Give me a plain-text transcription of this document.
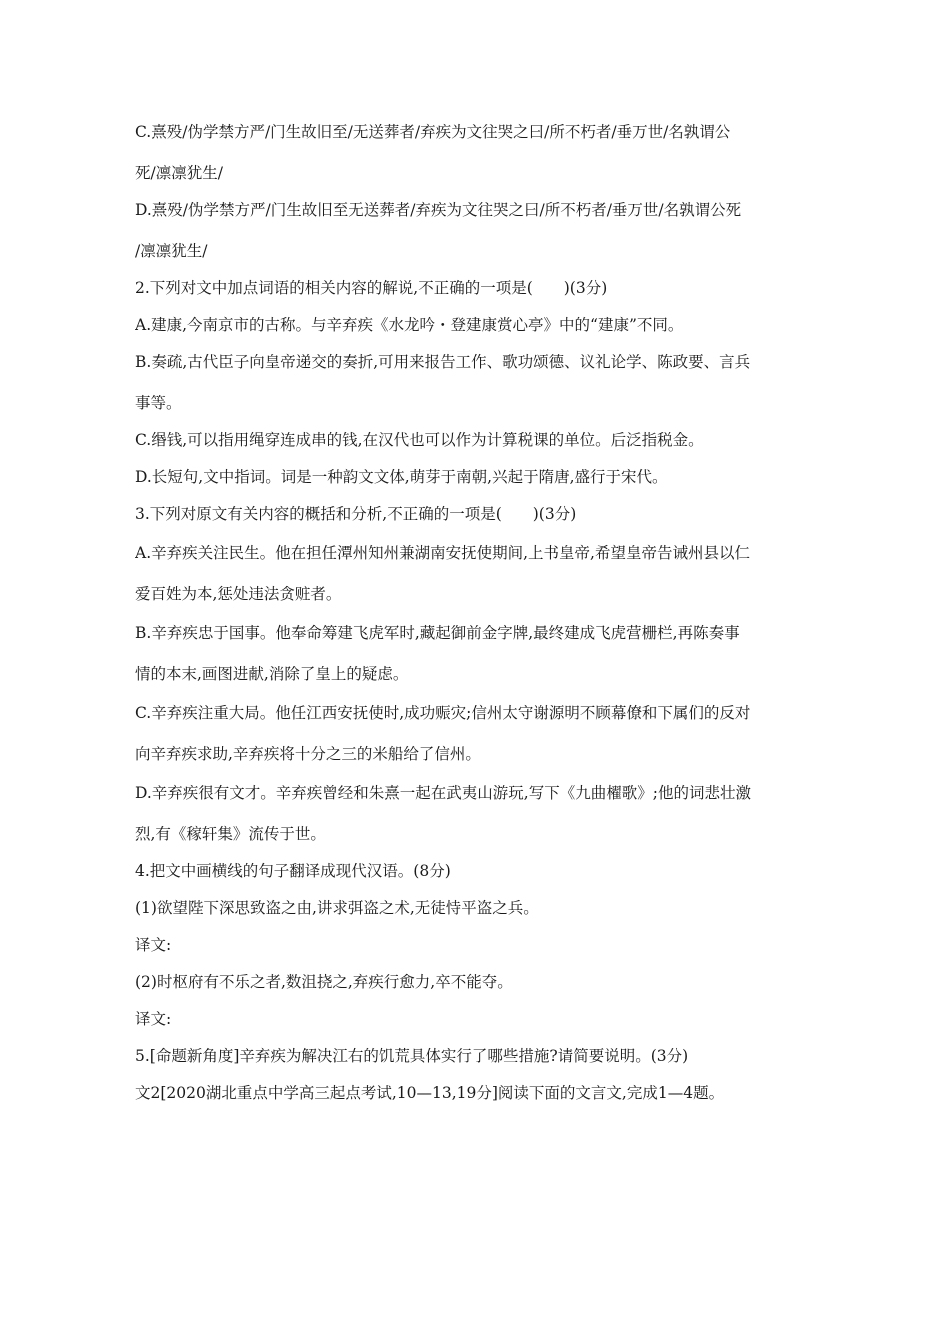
C.熹殁/伪学禁方严/门生故旧至/无送葬者/弃疾为文往哭之曰/所不朽者/垂万世/名孰谓公

死/凛凛犹生/

D.熹殁/伪学禁方严/门生故旧至无送葬者/弃疾为文往哭之曰/所不朽者/垂万世/名孰谓公死

/凛凛犹生/

2.下列对文中加点词语的相关内容的解说,不正确的一项是(　　)(3分)

A.建康,今南京市的古称。与辛弃疾《水龙吟・登建康赏心亭》中的“建康”不同。

B.奏疏,古代臣子向皇帝递交的奏折,可用来报告工作、歌功颂德、议礼论学、陈政要、言兵

事等。

C.缗钱,可以指用绳穿连成串的钱,在汉代也可以作为计算税课的单位。后泛指税金。

D.长短句,文中指词。词是一种韵文文体,萌芽于南朝,兴起于隋唐,盛行于宋代。

3.下列对原文有关内容的概括和分析,不正确的一项是(　　)(3分)

A.辛弃疾关注民生。他在担任潭州知州兼湖南安抚使期间,上书皇帝,希望皇帝告诫州县以仁

爱百姓为本,惩处违法贪赃者。

B.辛弃疾忠于国事。他奉命筹建飞虎军时,藏起御前金字牌,最终建成飞虎营栅栏,再陈奏事

情的本末,画图进献,消除了皇上的疑虑。

C.辛弃疾注重大局。他任江西安抚使时,成功赈灾;信州太守谢源明不顾幕僚和下属们的反对

向辛弃疾求助,辛弃疾将十分之三的米船给了信州。

D.辛弃疾很有文才。辛弃疾曾经和朱熹一起在武夷山游玩,写下《九曲櫂歌》;他的词悲壮激

烈,有《稼轩集》流传于世。

4.把文中画横线的句子翻译成现代汉语。(8分)

(1)欲望陛下深思致盗之由,讲求弭盗之术,无徒恃平盗之兵。

译文:

(2)时枢府有不乐之者,数沮挠之,弃疾行愈力,卒不能夺。

译文:

5.[命题新角度]辛弃疾为解决江右的饥荒具体实行了哪些措施?请简要说明。(3分)

文2[2020湖北重点中学高三起点考试,10—13,19分]阅读下面的文言文,完成1—4题。
